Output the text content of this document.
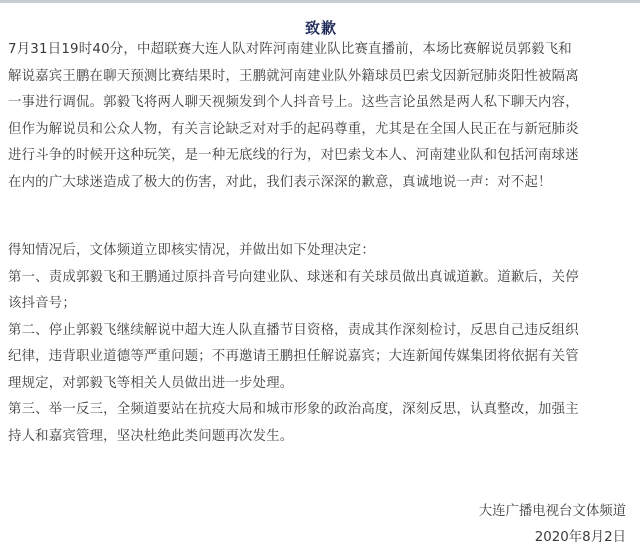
致歉
7月31日19时40分，中超联赛大连人队对阵河南建业队比赛直播前，本场比赛解说员郭毅飞和
解说嘉宾王鹏在聊天预测比赛结果时，王鹏就河南建业队外籍球员巴索戈因新冠肺炎阳性被隔离
一事进行调侃。郭毅飞将两人聊天视频发到个人抖音号上。这些言论虽然是两人私下聊天内容，
但作为解说员和公众人物，有关言论缺乏对对手的起码尊重，尤其是在全国人民正在与新冠肺炎
进行斗争的时候开这种玩笑，是一种无底线的行为，对巴索戈本人、河南建业队和包括河南球迷
在内的广大球迷造成了极大的伤害，对此，我们表示深深的歉意，真诚地说一声：对不起！
得知情况后，文体频道立即核实情况，并做出如下处理决定：
第一、责成郭毅飞和王鹏通过原抖音号向建业队、球迷和有关球员做出真诚道歉。道歉后，关停
该抖音号；
第二、停止郭毅飞继续解说中超大连人队直播节目资格，责成其作深刻检讨，反思自己违反组织
纪律，违背职业道德等严重问题；不再邀请王鹏担任解说嘉宾；大连新闻传媒集团将依据有关管
理规定，对郭毅飞等相关人员做出进一步处理。
第三、举一反三，全频道要站在抗疫大局和城市形象的政治高度，深刻反思，认真整改，加强主
持人和嘉宾管理，坚决杜绝此类问题再次发生。
大连广播电视台文体频道
2020年8月2日
